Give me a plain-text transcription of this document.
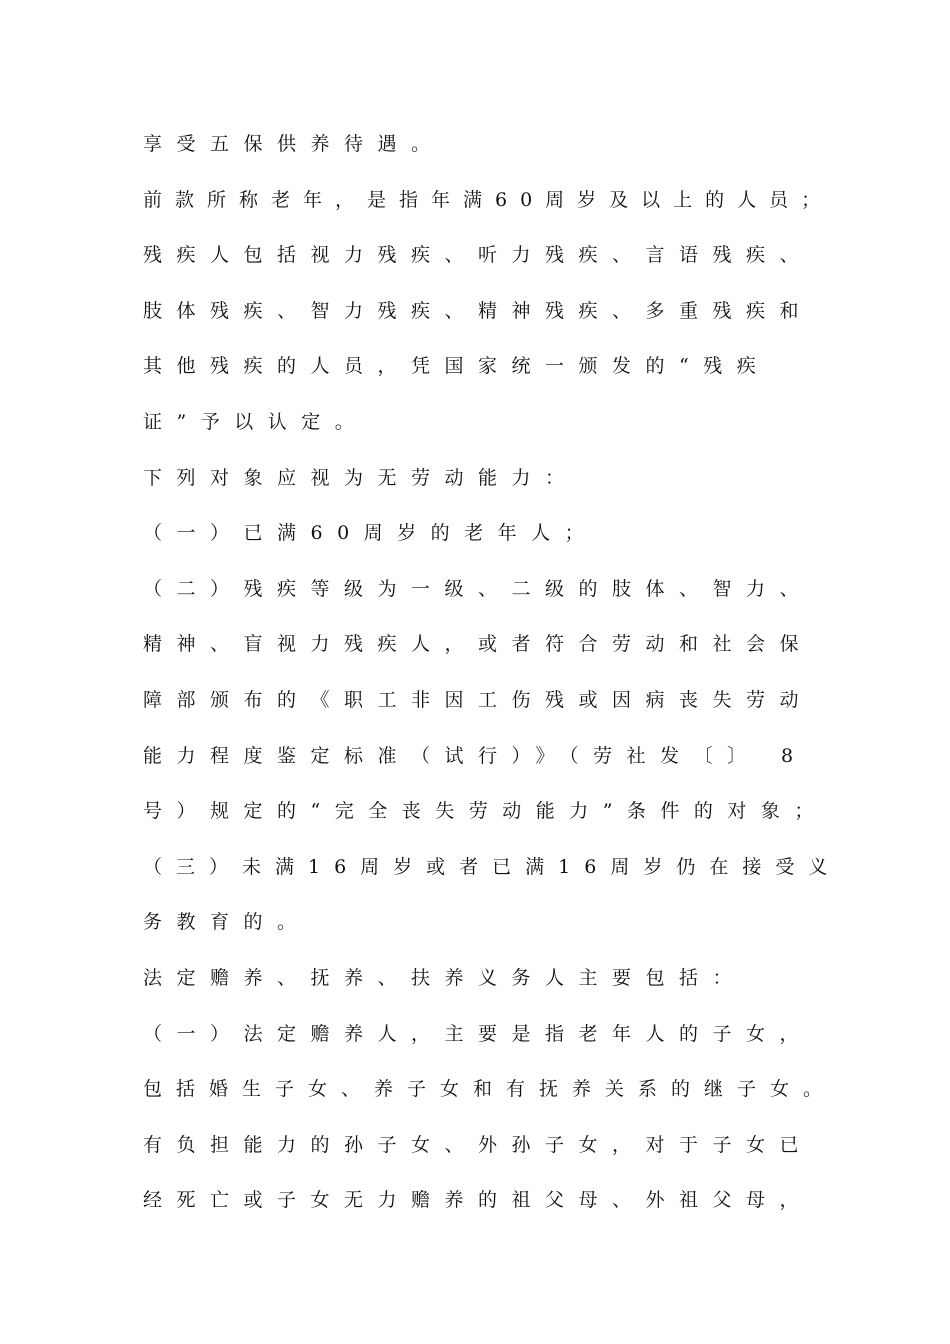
享受五保供养待遇。
前款所称老年，是指年满60周岁及以上的人员；
残疾人包括视力残疾、听力残疾、言语残疾、
肢体残疾、智力残疾、精神残疾、多重残疾和
其他残疾的人员，凭国家统一颁发的“残疾
证”予以认定。
下列对象应视为无劳动能力：
（一）已满60周岁的老年人；
（二）残疾等级为一级、二级的肢体、智力、
精神、盲视力残疾人，或者符合劳动和社会保
障部颁布的《职工非因工伤残或因病丧失劳动
能力程度鉴定标准（试行）》（劳社发〔〕 8
号）规定的“完全丧失劳动能力”条件的对象；
（三）未满16周岁或者已满16周岁仍在接受义
务教育的。
法定赡养、抚养、扶养义务人主要包括：
（一）法定赡养人，主要是指老年人的子女，
包括婚生子女、养子女和有抚养关系的继子女。
有负担能力的孙子女、外孙子女，对于子女已
经死亡或子女无力赡养的祖父母、外祖父母，
